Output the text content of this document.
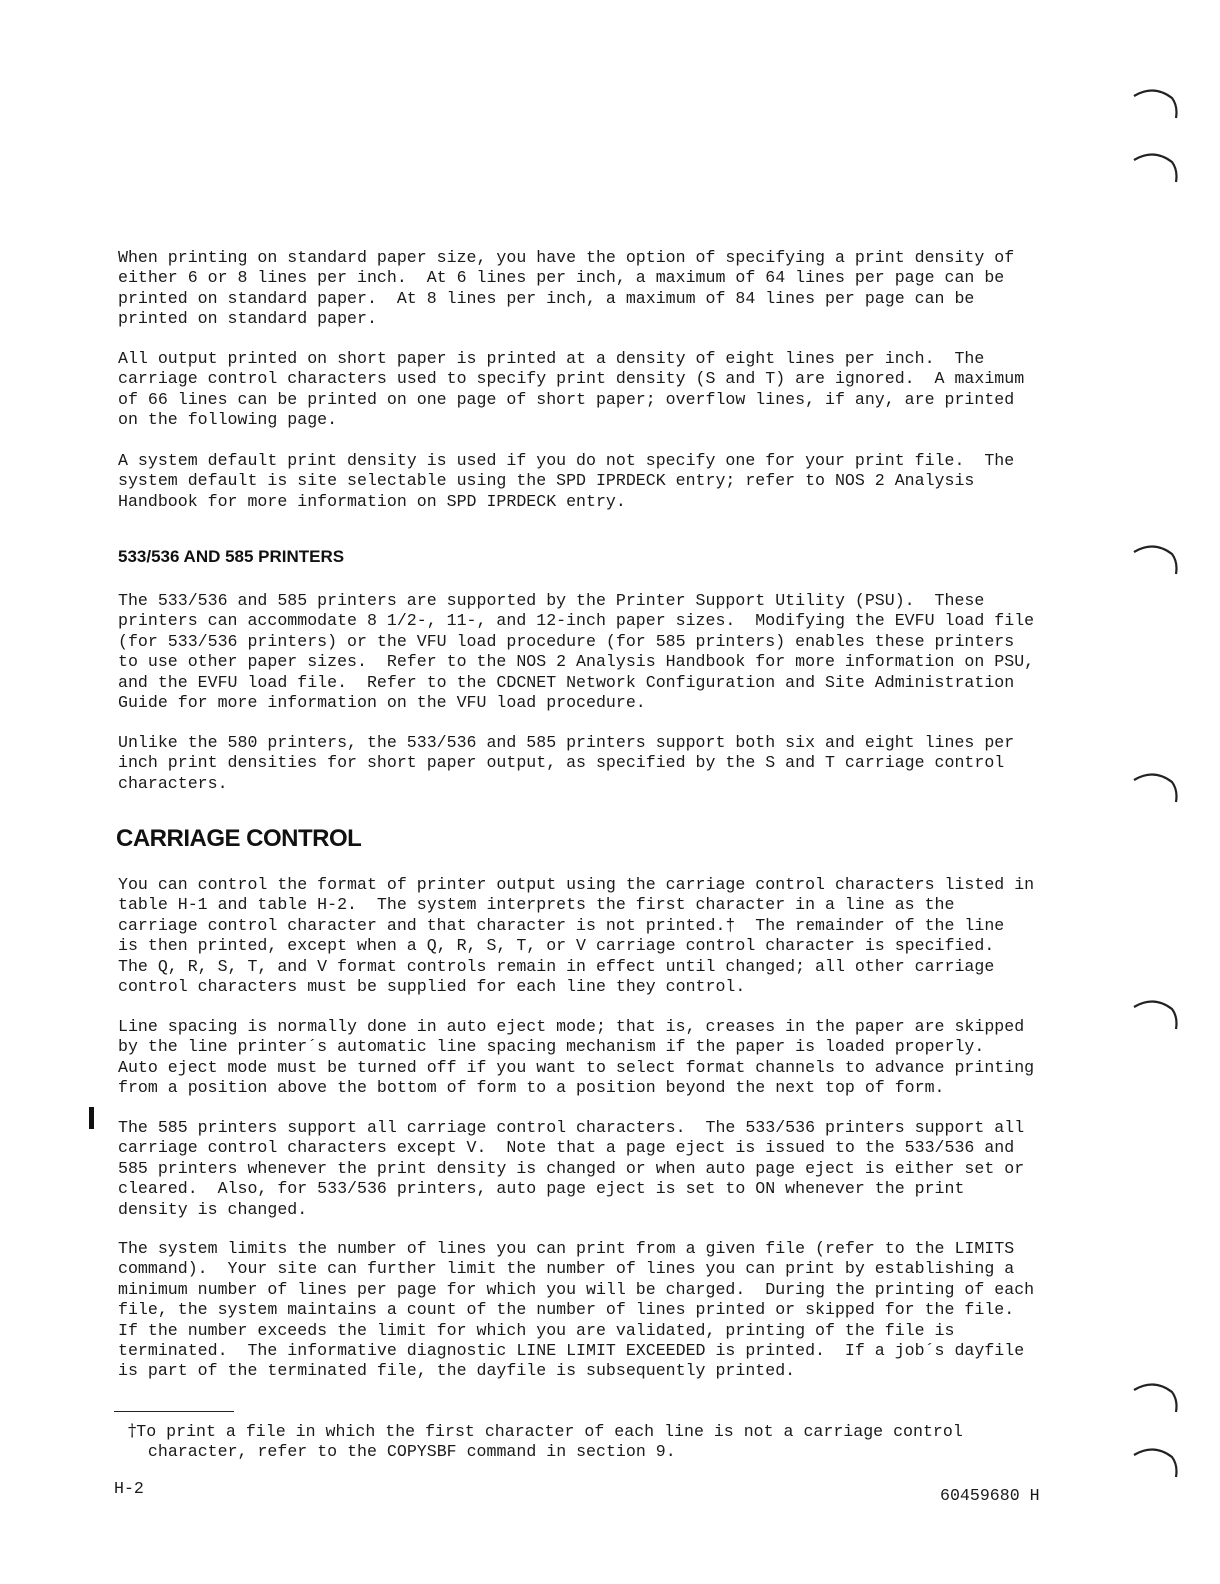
When printing on standard paper size, you have the option of specifying a print density of
either 6 or 8 lines per inch.  At 6 lines per inch, a maximum of 64 lines per page can be
printed on standard paper.  At 8 lines per inch, a maximum of 84 lines per page can be
printed on standard paper.

All output printed on short paper is printed at a density of eight lines per inch.  The
carriage control characters used to specify print density (S and T) are ignored.  A maximum
of 66 lines can be printed on one page of short paper; overflow lines, if any, are printed
on the following page.

A system default print density is used if you do not specify one for your print file.  The
system default is site selectable using the SPD IPRDECK entry; refer to NOS 2 Analysis
Handbook for more information on SPD IPRDECK entry.

533/536 AND 585 PRINTERS

The 533/536 and 585 printers are supported by the Printer Support Utility (PSU).  These
printers can accommodate 8 1/2-, 11-, and 12-inch paper sizes.  Modifying the EVFU load file
(for 533/536 printers) or the VFU load procedure (for 585 printers) enables these printers
to use other paper sizes.  Refer to the NOS 2 Analysis Handbook for more information on PSU,
and the EVFU load file.  Refer to the CDCNET Network Configuration and Site Administration
Guide for more information on the VFU load procedure.

Unlike the 580 printers, the 533/536 and 585 printers support both six and eight lines per
inch print densities for short paper output, as specified by the S and T carriage control
characters.

CARRIAGE CONTROL

You can control the format of printer output using the carriage control characters listed in
table H-1 and table H-2.  The system interprets the first character in a line as the
carriage control character and that character is not printed.†  The remainder of the line
is then printed, except when a Q, R, S, T, or V carriage control character is specified.
The Q, R, S, T, and V format controls remain in effect until changed; all other carriage
control characters must be supplied for each line they control.

Line spacing is normally done in auto eject mode; that is, creases in the paper are skipped
by the line printer´s automatic line spacing mechanism if the paper is loaded properly.
Auto eject mode must be turned off if you want to select format channels to advance printing
from a position above the bottom of form to a position beyond the next top of form.

The 585 printers support all carriage control characters.  The 533/536 printers support all
carriage control characters except V.  Note that a page eject is issued to the 533/536 and
585 printers whenever the print density is changed or when auto page eject is either set or
cleared.  Also, for 533/536 printers, auto page eject is set to ON whenever the print
density is changed.

The system limits the number of lines you can print from a given file (refer to the LIMITS
command).  Your site can further limit the number of lines you can print by establishing a
minimum number of lines per page for which you will be charged.  During the printing of each
file, the system maintains a count of the number of lines printed or skipped for the file.
If the number exceeds the limit for which you are validated, printing of the file is
terminated.  The informative diagnostic LINE LIMIT EXCEEDED is printed.  If a job´s dayfile
is part of the terminated file, the dayfile is subsequently printed.

†To print a file in which the first character of each line is not a carriage control
character, refer to the COPYSBF command in section 9.
H-2	60459680 H
